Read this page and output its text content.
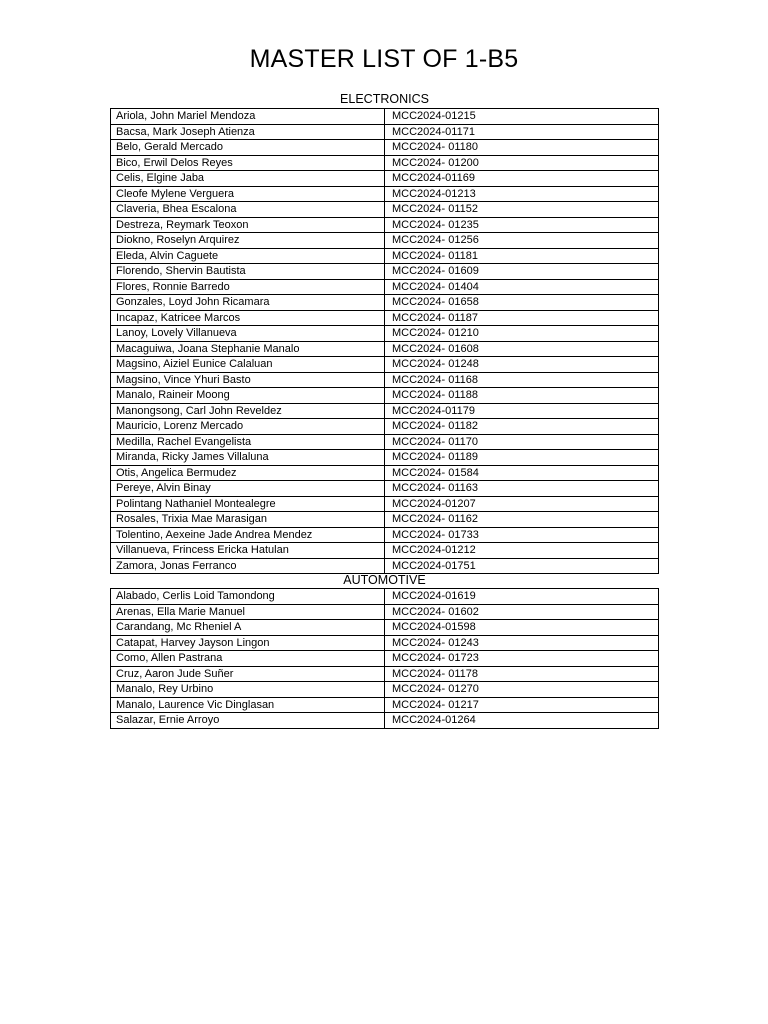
MASTER LIST OF 1-B5
ELECTRONICS
Ariola, John Mariel Mendoza	MCC2024-01215
Bacsa, Mark Joseph Atienza	MCC2024-01171
Belo, Gerald Mercado	MCC2024- 01180
Bico, Erwil Delos Reyes	MCC2024- 01200
Celis, Elgine Jaba	MCC2024-01169
Cleofe Mylene Verguera	MCC2024-01213
Claveria, Bhea Escalona	MCC2024- 01152
Destreza, Reymark Teoxon	MCC2024- 01235
Diokno, Roselyn Arquirez	MCC2024- 01256
Eleda, Alvin Caguete	MCC2024- 01181
Florendo, Shervin Bautista	MCC2024- 01609
Flores, Ronnie Barredo	MCC2024- 01404
Gonzales, Loyd John Ricamara	MCC2024- 01658
Incapaz, Katricee Marcos	MCC2024- 01187
Lanoy, Lovely Villanueva	MCC2024- 01210
Macaguiwa, Joana Stephanie Manalo	MCC2024- 01608
Magsino, Aiziel Eunice Calaluan	MCC2024- 01248
Magsino, Vince Yhuri Basto	MCC2024- 01168
Manalo, Raineir Moong	MCC2024- 01188
Manongsong, Carl John Reveldez	MCC2024-01179
Mauricio, Lorenz Mercado	MCC2024- 01182
Medilla, Rachel Evangelista	MCC2024- 01170
Miranda, Ricky James Villaluna	MCC2024- 01189
Otis, Angelica Bermudez	MCC2024- 01584
Pereye, Alvin Binay	MCC2024- 01163
Polintang Nathaniel Montealegre	MCC2024-01207
Rosales, Trixia Mae Marasigan	MCC2024- 01162
Tolentino, Aexeine Jade Andrea Mendez	MCC2024- 01733
Villanueva, Frincess Ericka Hatulan	MCC2024-01212
Zamora, Jonas Ferranco	MCC2024-01751
AUTOMOTIVE
Alabado, Cerlis Loid Tamondong	MCC2024-01619
Arenas, Ella Marie Manuel	MCC2024- 01602
Carandang, Mc Rheniel A	MCC2024-01598
Catapat, Harvey Jayson Lingon	MCC2024- 01243
Como, Allen Pastrana	MCC2024- 01723
Cruz, Aaron Jude Suñer	MCC2024- 01178
Manalo, Rey Urbino	MCC2024- 01270
Manalo, Laurence Vic Dinglasan	MCC2024- 01217
Salazar, Ernie Arroyo	MCC2024-01264
